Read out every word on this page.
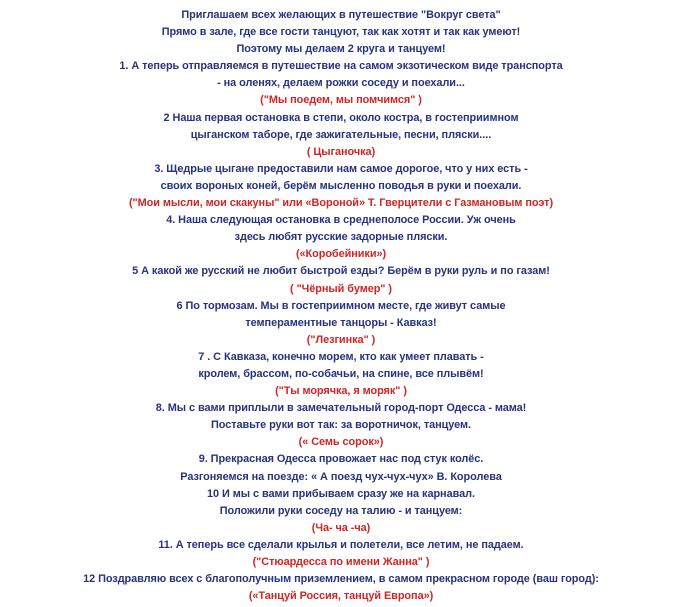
Приглашаем всех желающих в путешествие "Вокруг света"
Прямо в зале, где все гости танцуют, так как хотят и так как умеют!
Поэтому мы делаем 2 круга и танцуем!
1. А теперь отправляемся в путешествие на самом экзотическом виде транспорта
- на оленях, делаем рожки соседу и поехали...
("Мы поедем, мы помчимся" )
2 Наша первая остановка в степи, около костра, в гостеприимном
цыганском таборе, где зажигательные, песни, пляски....
( Цыганочка)
3. Щедрые цыгане предоставили нам самое дорогое, что у них есть -
своих вороных коней, берём мысленно поводья в руки и поехали.
("Мои мысли, мои скакуны" или «Вороной» Т. Гверцители с Газмановым поэт)
4. Наша следующая остановка в среднеполосе России. Уж очень
здесь любят русские задорные пляски.
(«Коробейники»)
5 А какой же русский не любит быстрой езды? Берём в руки руль и по газам!
( "Чёрный бумер" )
6 По тормозам. Мы в гостеприимном месте, где живут самые
темпераментные танцоры - Кавказ!
("Лезгинка" )
7 . С Кавказа, конечно морем, кто как умеет плавать -
кролем, брассом, по-собачьи, на спине, все плывём!
("Ты морячка, я моряк" )
8. Мы с вами приплыли в замечательный город-порт Одесса - мама!
Поставьте руки вот так: за воротничок, танцуем.
(« Семь сорок»)
9. Прекрасная Одесса провожает нас под стук колёс.
Разгоняемся на поезде: « А поезд чух-чух-чух» В. Королева
10 И мы с вами прибываем сразу же на карнавал.
Положили руки соседу на талию - и танцуем:
(Ча- ча -ча)
11. А теперь все сделали крылья и полетели, все летим, не падаем.
("Стюардесса по имени Жанна" )
12 Поздравляю всех с благополучным приземлением, в самом прекрасном городе (ваш город):
(«Танцуй Россия, танцуй Европа»)
